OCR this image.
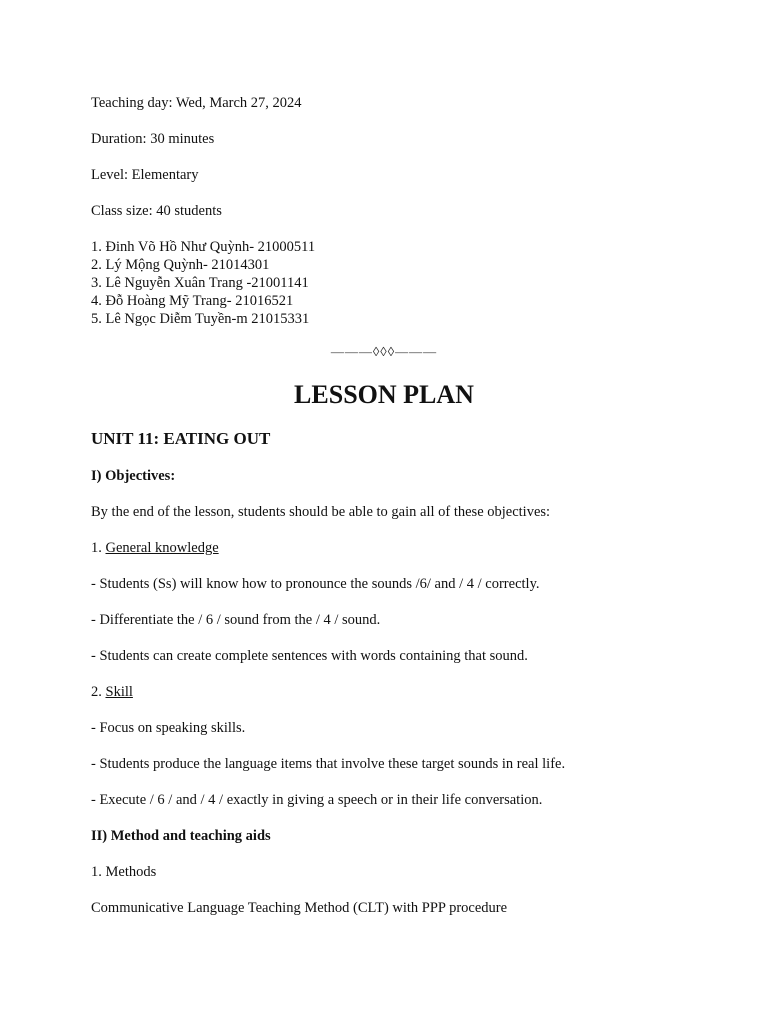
Teaching day: Wed, March 27, 2024
Duration: 30 minutes
Level: Elementary
Class size: 40 students
1. Đinh Võ Hồ Như Quỳnh- 21000511
2. Lý Mộng Quỳnh- 21014301
3. Lê Nguyễn Xuân Trang -21001141
4. Đỗ Hoàng Mỹ Trang- 21016521
5. Lê Ngọc Diễm Tuyền-m 21015331
———◊◊◊———
LESSON PLAN
UNIT 11: EATING OUT
I) Objectives:
By the end of the lesson, students should be able to gain all of these objectives:
1. General knowledge
- Students (Ss) will know how to pronounce the sounds /6/ and / 4 / correctly.
- Differentiate the / 6 / sound from the / 4 / sound.
- Students can create complete sentences with words containing that sound.
2. Skill
- Focus on speaking skills.
- Students produce the language items that involve these target sounds in real life.
- Execute / 6 / and / 4 / exactly in giving a speech or in their life conversation.
II) Method and teaching aids
1. Methods
Communicative Language Teaching Method (CLT) with PPP procedure
